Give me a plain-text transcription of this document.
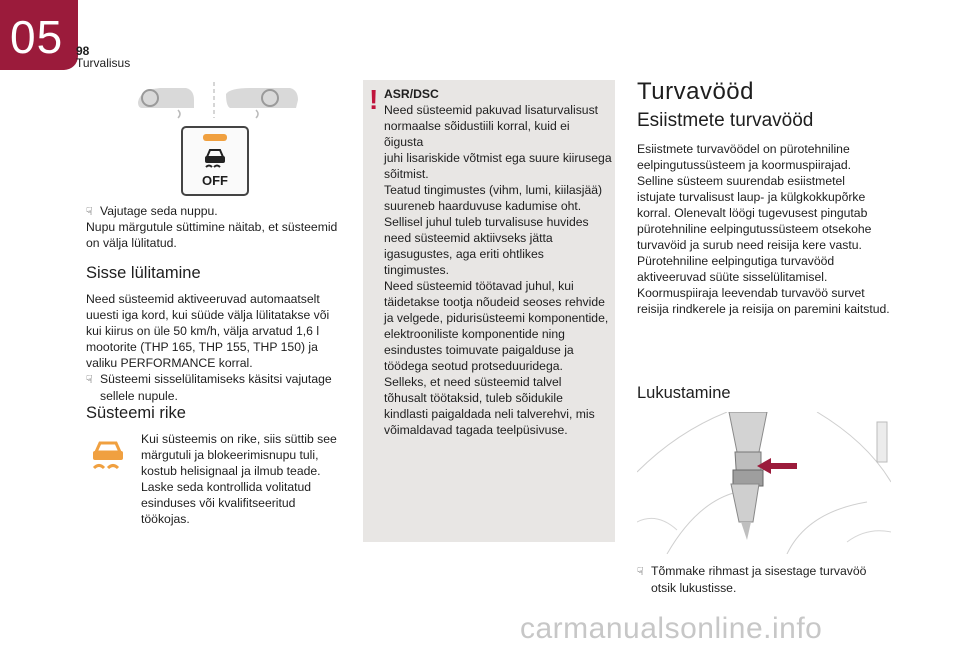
05 98
Turvalisus
OFF
☟ Vajutage seda nuppu.
Nupu märgutule süttimine näitab, et süsteemid
on välja lülitatud.
Sisse lülitamine
Need süsteemid aktiveeruvad automaatselt
uuesti iga kord, kui süüde välja lülitatakse või
kui kiirus on üle 50 km/h, välja arvatud 1,6 l
mootorite (THP 165, THP 155, THP 150) ja
valiku PERFORMANCE korral.
☟ Süsteemi sisselülitamiseks käsitsi vajutage
sellele nupule.
Süsteemi rike
Kui süsteemis on rike, siis süttib see
märgutuli ja blokeerimisnupu tuli,
kostub helisignaal ja ilmub teade.
Laske seda kontrollida volitatud
esinduses või kvalifitseeritud
töökojas.
! ASR/DSC
Need süsteemid pakuvad lisaturvalisust
normaalse sõidustiili korral, kuid ei õigusta
juhi lisariskide võtmist ega suure kiirusega
sõitmist.
Teatud tingimustes (vihm, lumi, kiilasjää)
suureneb haarduvuse kadumise oht.
Sellisel juhul tuleb turvalisuse huvides
need süsteemid aktiivseks jätta
igasugustes, aga eriti ohtlikes tingimustes.
Need süsteemid töötavad juhul, kui
täidetakse tootja nõudeid seoses rehvide
ja velgede, pidurisüsteemi komponentide,
elektrooniliste komponentide ning
esindustes toimuvate paigalduse ja
töödega seotud protseduuridega.
Selleks, et need süsteemid talvel
tõhusalt töötaksid, tuleb sõidukile
kindlasti paigaldada neli talverehvi, mis
võimaldavad tagada teelpüsivuse.
Turvavööd
Esiistmete turvavööd
Esiistmete turvavöödel on pürotehniline
eelpingutussüsteem ja koormuspiirajad.
Selline süsteem suurendab esiistmetel
istujate turvalisust laup- ja külgkokkupõrke
korral. Olenevalt löögi tugevusest pingutab
pürotehniline eelpingutussüsteem otsekohe
turvavöid ja surub need reisija kere vastu.
Pürotehniline eelpingutiga turvavööd
aktiveeruvad süüte sisselülitamisel.
Koormuspiiraja leevendab turvavöö survet
reisija rindkerele ja reisija on paremini kaitstud.
Lukustamine
☟ Tõmmake rihmast ja sisestage turvavöö
otsik lukustisse.
carmanualsonline.info
